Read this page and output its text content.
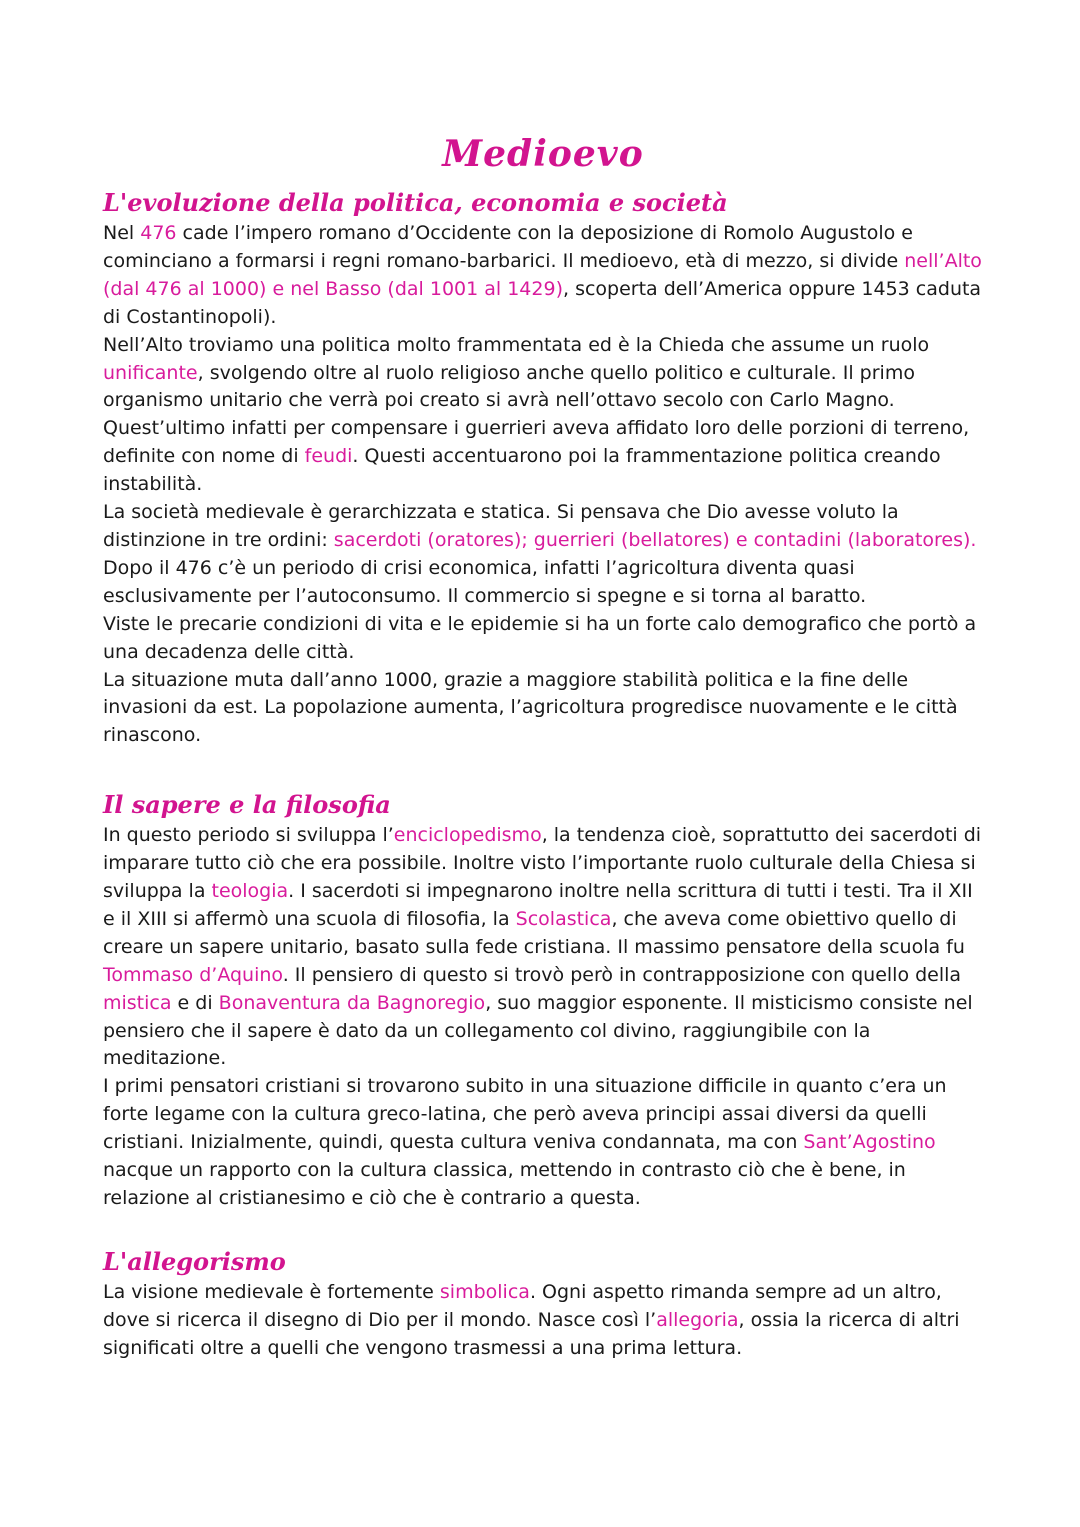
Medioevo
L'evoluzione della politica, economia e società

Nel 476 cade l’impero romano d’Occidente con la deposizione di Romolo Augustolo e cominciano a formarsi i regni romano-barbarici. Il medioevo, età di mezzo, si divide nell’Alto (dal 476 al 1000) e nel Basso (dal 1001 al 1429), scoperta dell’America oppure 1453 caduta di Costantinopoli).

Nell’Alto troviamo una politica molto frammentata ed è la Chieda che assume un ruolo unificante, svolgendo oltre al ruolo religioso anche quello politico e culturale. Il primo organismo unitario che verrà poi creato si avrà nell’ottavo secolo con Carlo Magno. Quest’ultimo infatti per compensare i guerrieri aveva affidato loro delle porzioni di terreno, definite con nome di feudi. Questi accentuarono poi la frammentazione politica creando instabilità.

La società medievale è gerarchizzata e statica. Si pensava che Dio avesse voluto la distinzione in tre ordini: sacerdoti (oratores); guerrieri (bellatores) e contadini (laboratores).

Dopo il 476 c’è un periodo di crisi economica, infatti l’agricoltura diventa quasi esclusivamente per l’autoconsumo. Il commercio si spegne e si torna al baratto.

Viste le precarie condizioni di vita e le epidemie si ha un forte calo demografico che portò a una decadenza delle città.

La situazione muta dall’anno 1000, grazie a maggiore stabilità politica e la fine delle invasioni da est. La popolazione aumenta, l’agricoltura progredisce nuovamente e le città rinascono.

Il sapere e la filosofia

In questo periodo si sviluppa l’enciclopedismo, la tendenza cioè, soprattutto dei sacerdoti di imparare tutto ciò che era possibile. Inoltre visto l’importante ruolo culturale della Chiesa si sviluppa la teologia. I sacerdoti si impegnarono inoltre nella scrittura di tutti i testi. Tra il XII e il XIII si affermò una scuola di filosofia, la Scolastica, che aveva come obiettivo quello di creare un sapere unitario, basato sulla fede cristiana. Il massimo pensatore della scuola fu Tommaso d’Aquino. Il pensiero di questo si trovò però in contrapposizione con quello della mistica e di Bonaventura da Bagnoregio, suo maggior esponente. Il misticismo consiste nel pensiero che il sapere è dato da un collegamento col divino, raggiungibile con la meditazione.

I primi pensatori cristiani si trovarono subito in una situazione difficile in quanto c’era un forte legame con la cultura greco-latina, che però aveva principi assai diversi da quelli cristiani. Inizialmente, quindi, questa cultura veniva condannata, ma con Sant’Agostino nacque un rapporto con la cultura classica, mettendo in contrasto ciò che è bene, in relazione al cristianesimo e ciò che è contrario a questa.

L'allegorismo

La visione medievale è fortemente simbolica. Ogni aspetto rimanda sempre ad un altro, dove si ricerca il disegno di Dio per il mondo. Nasce così l’allegoria, ossia la ricerca di altri significati oltre a quelli che vengono trasmessi a una prima lettura.
